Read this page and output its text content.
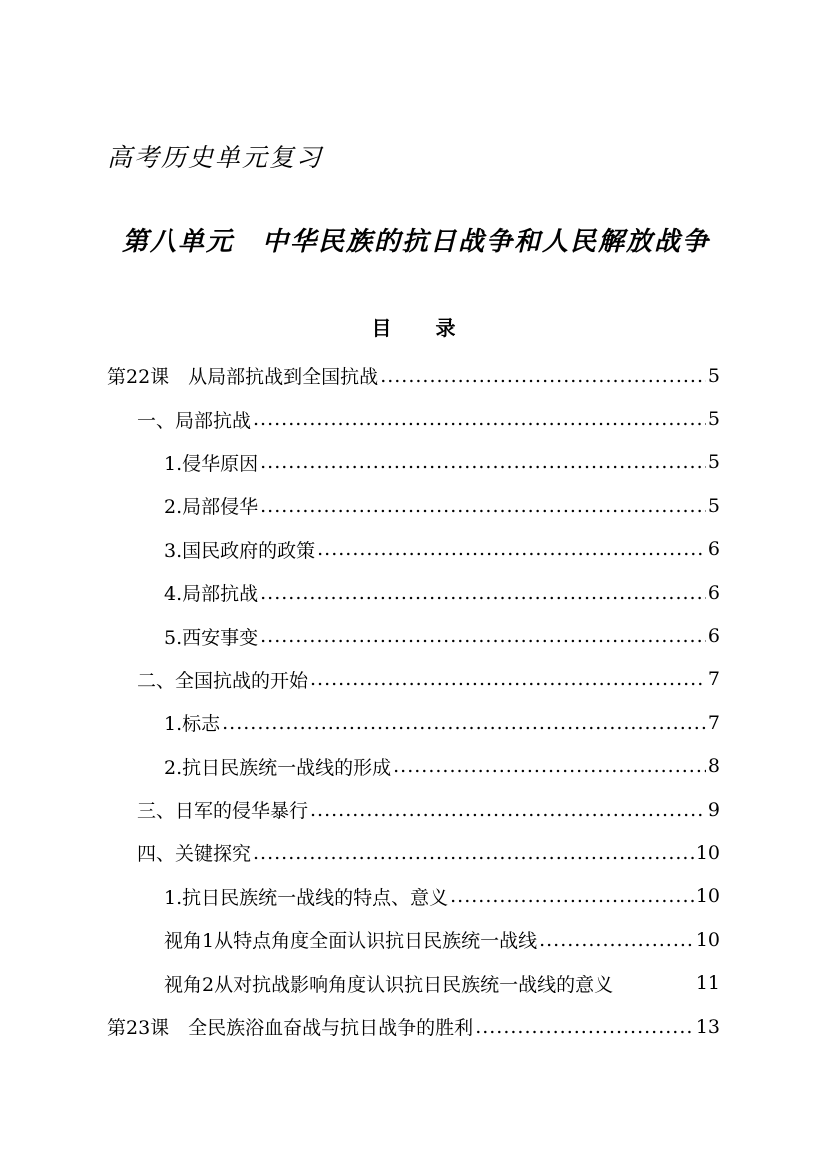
高考历史单元复习
第八单元　中华民族的抗日战争和人民解放战争
目 录
第22课　从局部抗战到全国抗战 .....	5
一、局部抗战 .....	5
1.侵华原因 .....	5
2.局部侵华 .....	5
3.国民政府的政策 .....	6
4.局部抗战 .....	6
5.西安事变 .....	6
二、全国抗战的开始 .....	7
1.标志 .....	7
2.抗日民族统一战线的形成 .....	8
三、日军的侵华暴行 .....	9
四、关键探究 .....	10
1.抗日民族统一战线的特点、意义 .....	10
视角1从特点角度全面认识抗日民族统一战线 .....	10
视角2从对抗战影响角度认识抗日民族统一战线的意义	11
第23课　全民族浴血奋战与抗日战争的胜利 .....	13
